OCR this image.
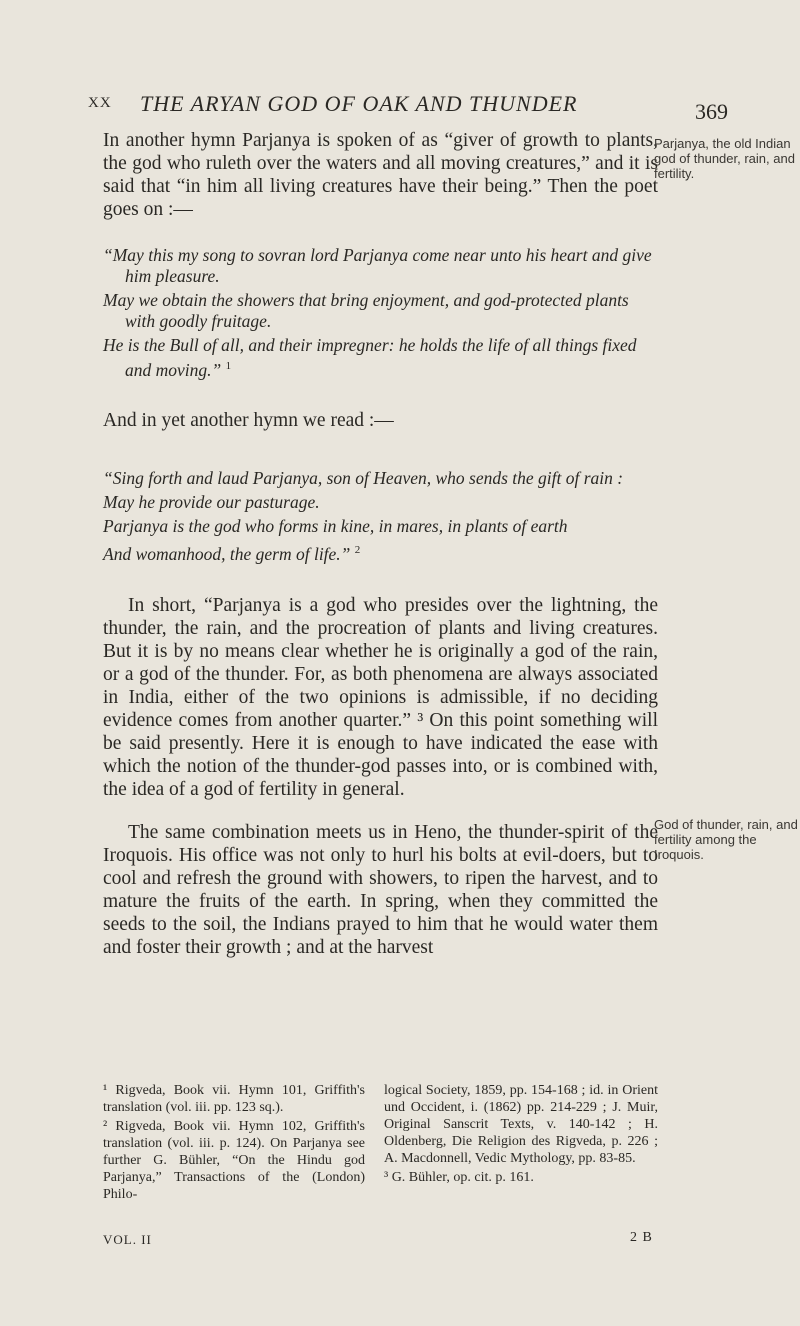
XX THE ARYAN GOD OF OAK AND THUNDER	369

In another hymn Parjanya is spoken of as “giver of growth to plants, the god who ruleth over the waters and all moving creatures,” and it is said that “in him all living creatures have their being.” Then the poet goes on :—

Parjanya, the old Indian god of thunder, rain, and fertility.

“May this my song to sovran lord Parjanya come near unto his heart and give him pleasure.

May we obtain the showers that bring enjoyment, and god-protected plants with goodly fruitage.

He is the Bull of all, and their impregner: he holds the life of all things fixed and moving.” $^1$

And in yet another hymn we read :—

“Sing forth and laud Parjanya, son of Heaven, who sends the gift of rain :

May he provide our pasturage.

Parjanya is the god who forms in kine, in mares, in plants of earth

And womanhood, the germ of life.” $^2$

In short, “Parjanya is a god who presides over the lightning, the thunder, the rain, and the procreation of plants and living creatures. But it is by no means clear whether he is originally a god of the rain, or a god of the thunder. For, as both phenomena are always associated in India, either of the two opinions is admissible, if no deciding evidence comes from another quarter.” ³ On this point something will be said presently. Here it is enough to have indicated the ease with which the notion of the thunder-god passes into, or is combined with, the idea of a god of fertility in general.

The same combination meets us in Heno, the thunder-spirit of the Iroquois. His office was not only to hurl his bolts at evil-doers, but to cool and refresh the ground with showers, to ripen the harvest, and to mature the fruits of the earth. In spring, when they committed the seeds to the soil, the Indians prayed to him that he would water them and foster their growth ; and at the harvest

God of thunder, rain, and fertility among the Iroquois.

¹ Rigveda, Book vii. Hymn 101, Griffith's translation (vol. iii. pp. 123 sq.).

² Rigveda, Book vii. Hymn 102, Griffith's translation (vol. iii. p. 124). On Parjanya see further G. Bühler, “On the Hindu god Parjanya,” Transactions of the (London) Philo-

logical Society, 1859, pp. 154-168 ; id. in Orient und Occident, i. (1862) pp. 214-229 ; J. Muir, Original Sanscrit Texts, v. 140-142 ; H. Oldenberg, Die Religion des Rigveda, p. 226 ; A. Macdonnell, Vedic Mythology, pp. 83-85.

³ G. Bühler, op. cit. p. 161.

VOL. II	2 B
